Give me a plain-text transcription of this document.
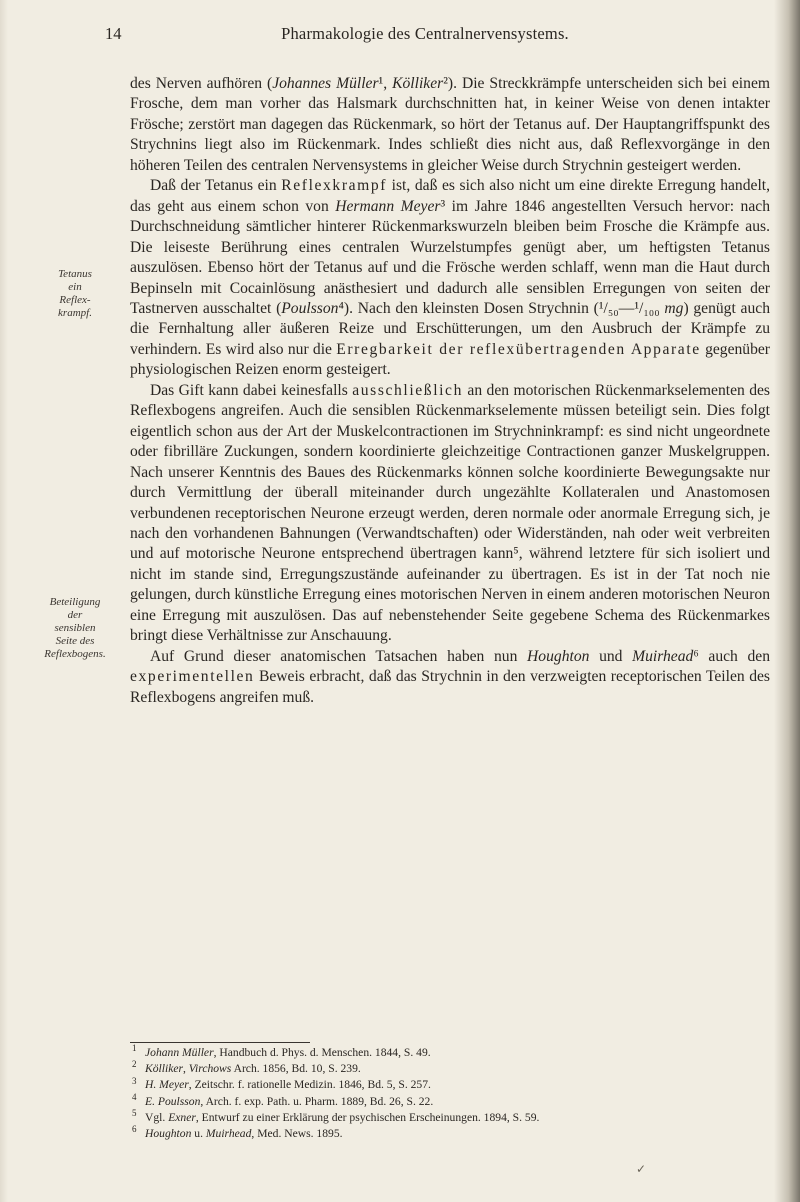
14	Pharmakologie des Centralnervensystems.
Tetanus
ein
Reflex-
krampf.
Beteiligung
der
sensiblen
Seite des
Reflexbogens.

des Nerven aufhören (Johannes Müller¹, Kölliker²). Die Streckkrämpfe unterscheiden sich bei einem Frosche, dem man vorher das Halsmark durchschnitten hat, in keiner Weise von denen intakter Frösche; zerstört man dagegen das Rückenmark, so hört der Tetanus auf. Der Hauptangriffspunkt des Strychnins liegt also im Rückenmark. Indes schließt dies nicht aus, daß Reflexvorgänge in den höheren Teilen des centralen Nervensystems in gleicher Weise durch Strychnin gesteigert werden.

Daß der Tetanus ein Reflexkrampf ist, daß es sich also nicht um eine direkte Erregung handelt, das geht aus einem schon von Hermann Meyer³ im Jahre 1846 angestellten Versuch hervor: nach Durchschneidung sämtlicher hinterer Rückenmarkswurzeln bleiben beim Frosche die Krämpfe aus. Die leiseste Berührung eines centralen Wurzelstumpfes genügt aber, um heftigsten Tetanus auszulösen. Ebenso hört der Tetanus auf und die Frösche werden schlaff, wenn man die Haut durch Bepinseln mit Cocainlösung anästhesiert und dadurch alle sensiblen Erregungen von seiten der Tastnerven ausschaltet (Poulsson⁴). Nach den kleinsten Dosen Strychnin (¹/₅₀—¹/₁₀₀ mg) genügt auch die Fernhaltung aller äußeren Reize und Erschütterungen, um den Ausbruch der Krämpfe zu verhindern. Es wird also nur die Erregbarkeit der reflexübertragenden Apparate gegenüber physiologischen Reizen enorm gesteigert.

Das Gift kann dabei keinesfalls ausschließlich an den motorischen Rückenmarkselementen des Reflexbogens angreifen. Auch die sensiblen Rückenmarkselemente müssen beteiligt sein. Dies folgt eigentlich schon aus der Art der Muskelcontractionen im Strychninkrampf: es sind nicht ungeordnete oder fibrilläre Zuckungen, sondern koordinierte gleichzeitige Contractionen ganzer Muskelgruppen. Nach unserer Kenntnis des Baues des Rückenmarks können solche koordinierte Bewegungsakte nur durch Vermittlung der überall miteinander durch ungezählte Kollateralen und Anastomosen verbundenen receptorischen Neurone erzeugt werden, deren normale oder anormale Erregung sich, je nach den vorhandenen Bahnungen (Verwandtschaften) oder Widerständen, nah oder weit verbreiten und auf motorische Neurone entsprechend übertragen kann⁵, während letztere für sich isoliert und nicht im stande sind, Erregungszustände aufeinander zu übertragen. Es ist in der Tat noch nie gelungen, durch künstliche Erregung eines motorischen Nerven in einem anderen motorischen Neuron eine Erregung mit auszulösen. Das auf nebenstehender Seite gegebene Schema des Rückenmarkes bringt diese Verhältnisse zur Anschauung.

Auf Grund dieser anatomischen Tatsachen haben nun Houghton und Muirhead⁶ auch den experimentellen Beweis erbracht, daß das Strychnin in den verzweigten receptorischen Teilen des Reflexbogens angreifen muß.

1 Johann Müller, Handbuch d. Phys. d. Menschen. 1844, S. 49.

2 Kölliker, Virchows Arch. 1856, Bd. 10, S. 239.

3 H. Meyer, Zeitschr. f. rationelle Medizin. 1846, Bd. 5, S. 257.

4 E. Poulsson, Arch. f. exp. Path. u. Pharm. 1889, Bd. 26, S. 22.

5 Vgl. Exner, Entwurf zu einer Erklärung der psychischen Erscheinungen. 1894, S. 59.

6 Houghton u. Muirhead, Med. News. 1895.

✓
